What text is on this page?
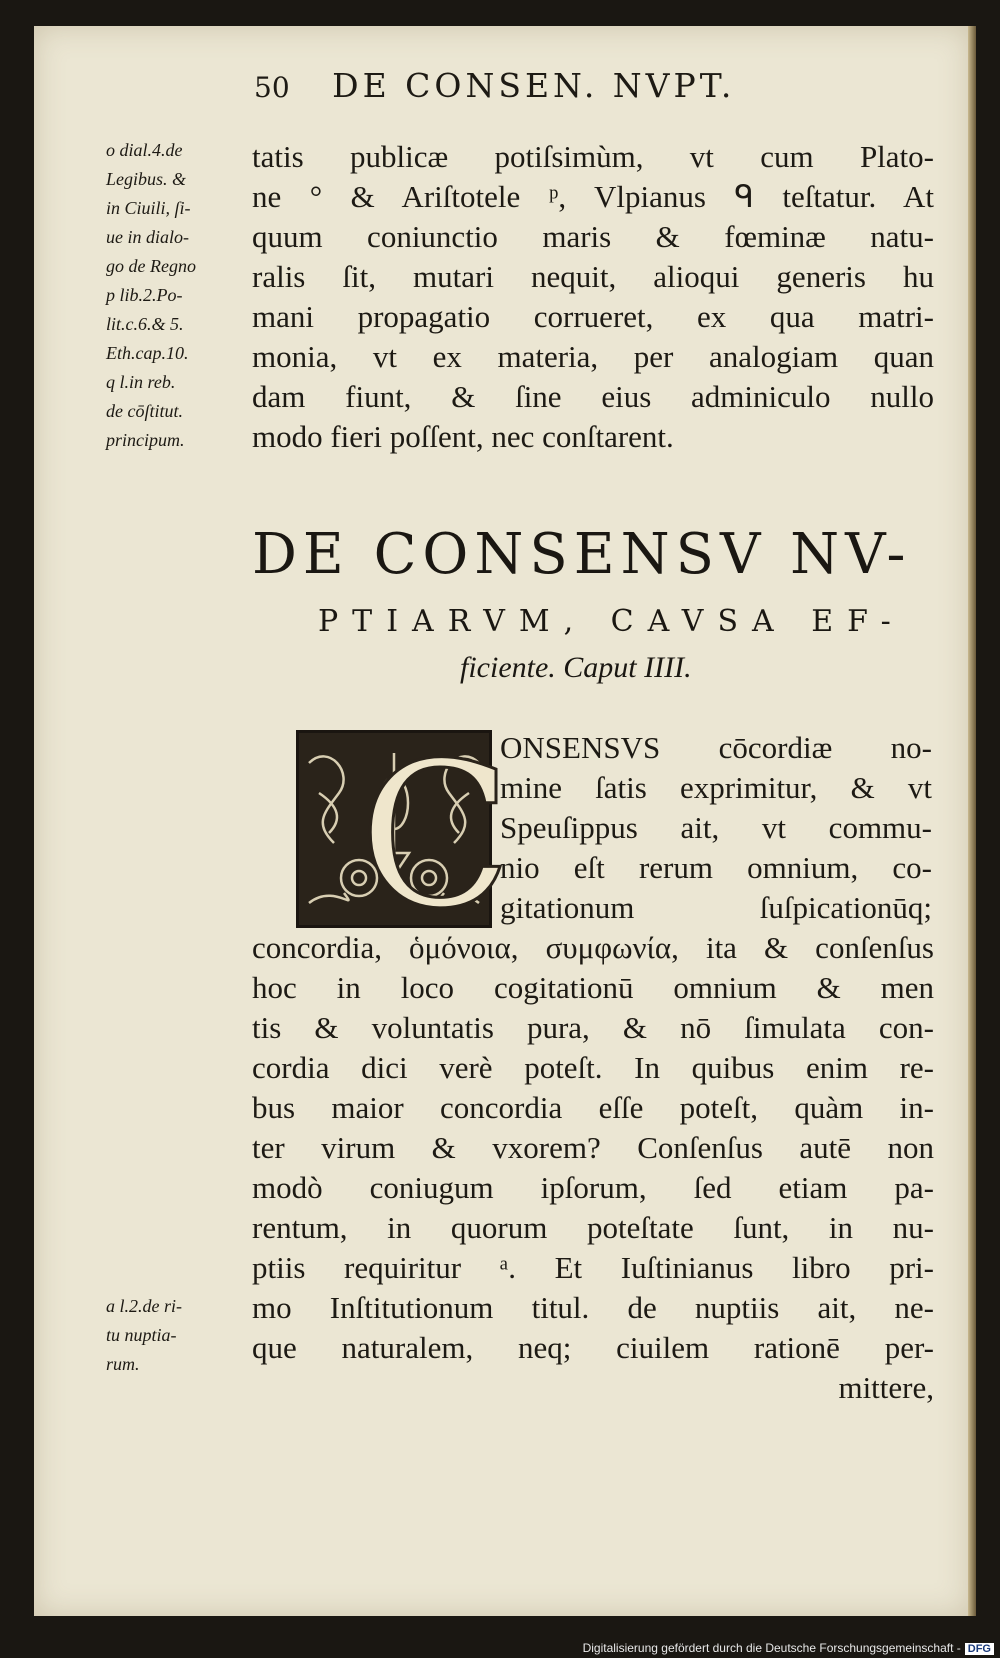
50 DE CONSEN. NVPT.
o dial.4.de
Legibus. &
in Ciuili, ſi-
ue in dialo-
go de Regno
p lib.2.Po-
lit.c.6.& 5.
Eth.cap.10.
q l.in reb.
de cōſtitut.
principum.
tatis publicæ potiſsimùm, vt cum Plato-
ne ° & Ariſtotele ᵖ, Vlpianus ᑫ teſtatur. At
quum coniunctio maris & fœminæ natu-
ralis ſit, mutari nequit, alioqui generis hu
mani propagatio corrueret, ex qua matri-
monia, vt ex materia, per analogiam quan
dam fiunt, & ſine eius adminiculo nullo
modo fieri poſſent, nec conſtarent.
DE CONSENSV NV-
PTIARVM, CAVSA EF-
ficiente. Caput IIII.
C
ONSENSVS cōcordiæ no-
mine ſatis exprimitur, & vt
Speuſippus ait, vt commu-
nio eſt rerum omnium, co-
gitationum ſuſpicationūq;
concordia, ὁμόνοια, συμφωνία, ita & conſenſus
hoc in loco cogitationū omnium & men
tis & voluntatis pura, & nō ſimulata con-
cordia dici verè poteſt. In quibus enim re-
bus maior concordia eſſe poteſt, quàm in-
ter virum & vxorem? Conſenſus autē non
modò coniugum ipſorum, ſed etiam pa-
rentum, in quorum poteſtate ſunt, in nu-
ptiis requiritur ᵃ. Et Iuſtinianus libro pri-
mo Inſtitutionum titul. de nuptiis ait, ne-
que naturalem, neq; ciuilem rationē per-
mittere,
a l.2.de ri-
tu nuptia-
rum.
Digitalisierung gefördert durch die Deutsche Forschungsgemeinschaft - DFG
